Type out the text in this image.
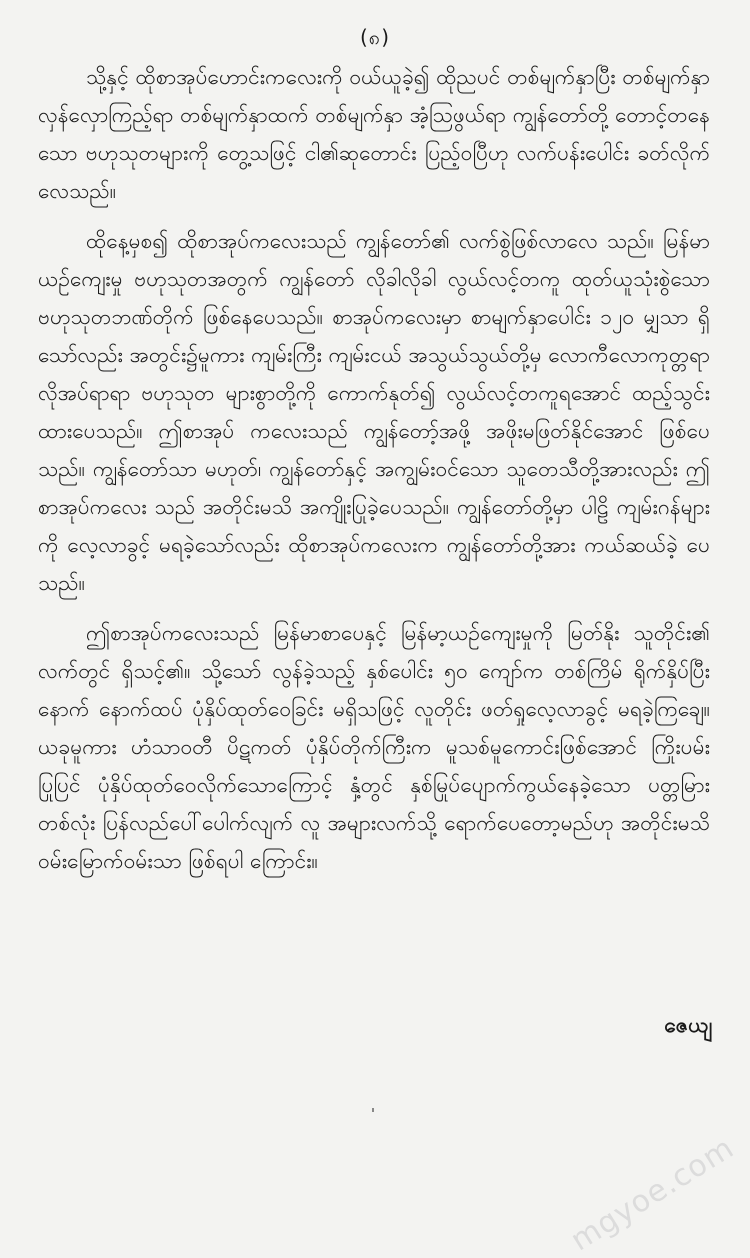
(၈)

သို့နှင့် ထိုစာအုပ်ဟောင်းကလေးကို ဝယ်ယူခဲ့၍ ထိုညပင် တစ်မျက်နှာပြီး တစ်မျက်နှာ လှန်လှောကြည့်ရာ တစ်မျက်နှာထက် တစ်မျက်နှာ အံ့သြဖွယ်ရာ ကျွန်တော်တို့ တောင့်တနေသော ဗဟုသုတများကို တွေ့သဖြင့် ငါ၏ဆုတောင်း ပြည့်ဝပြီဟု လက်ပန်းပေါင်း ခတ်လိုက်လေသည်။

ထိုနေ့မှစ၍ ထိုစာအုပ်ကလေးသည် ကျွန်တော်၏ လက်စွဲဖြစ်လာလေ သည်။ မြန်မာယဉ်ကျေးမှု ဗဟုသုတအတွက် ကျွန်တော် လိုခါလိုခါ လွယ်လင့်တကူ ထုတ်ယူသုံးစွဲသော ဗဟုသုတဘဏ်တိုက် ဖြစ်နေပေသည်။ စာအုပ်ကလေးမှာ စာမျက်နှာပေါင်း ၁၂၀ မျှသာ ရှိသော်လည်း အတွင်း၌မူကား ကျမ်းကြီး ကျမ်းငယ် အသွယ်သွယ်တို့မှ လောကီလောကုတ္တရာ လိုအပ်ရာရာ ဗဟုသုတ များစွာတို့ကို ကောက်နုတ်၍ လွယ်လင့်တကူရအောင် ထည့်သွင်းထားပေသည်။ ဤစာအုပ် ကလေးသည် ကျွန်တော့်အဖို့ အဖိုးမဖြတ်နိုင်အောင် ဖြစ်ပေသည်။ ကျွန်တော်သာ မဟုတ်၊ ကျွန်တော်နှင့် အကျွမ်းဝင်သော သူတေသီတို့အားလည်း ဤစာအုပ်ကလေး သည် အတိုင်းမသိ အကျိုးပြုခဲ့ပေသည်။ ကျွန်တော်တို့မှာ ပါဠိ ကျမ်းဂန်များကို လေ့လာခွင့် မရခဲ့သော်လည်း ထိုစာအုပ်ကလေးက ကျွန်တော်တို့အား ကယ်ဆယ်ခဲ့ ပေသည်။

ဤစာအုပ်ကလေးသည် မြန်မာစာပေနှင့် မြန်မာ့ယဉ်ကျေးမှုကို မြတ်နိုး သူတိုင်း၏ လက်တွင် ရှိသင့်၏။ သို့သော် လွန်ခဲ့သည့် နှစ်ပေါင်း ၅၀ ကျော်က တစ်ကြိမ် ရိုက်နှိပ်ပြီးနောက် နောက်ထပ် ပုံနှိပ်ထုတ်ဝေခြင်း မရှိသဖြင့် လူတိုင်း ဖတ်ရှုလေ့လာခွင့် မရခဲ့ကြချေ။ ယခုမူကား ဟံသာဝတီ ပိဋကတ် ပုံနှိပ်တိုက်ကြီးက မူသစ်မူကောင်းဖြစ်အောင် ကြိုးပမ်းပြုပြင် ပုံနှိပ်ထုတ်ဝေလိုက်သောကြောင့် နှံ့တွင် နှစ်မြုပ်ပျောက်ကွယ်နေခဲ့သော ပတ္တမြားတစ်လုံး ပြန်လည်ပေါ်ပေါက်လျက် လူ အများလက်သို့ ရောက်ပေတော့မည်ဟု အတိုင်းမသိ ဝမ်းမြောက်ဝမ်းသာ ဖြစ်ရပါ ကြောင်း။

ဇေယျ
mgyoe.com
